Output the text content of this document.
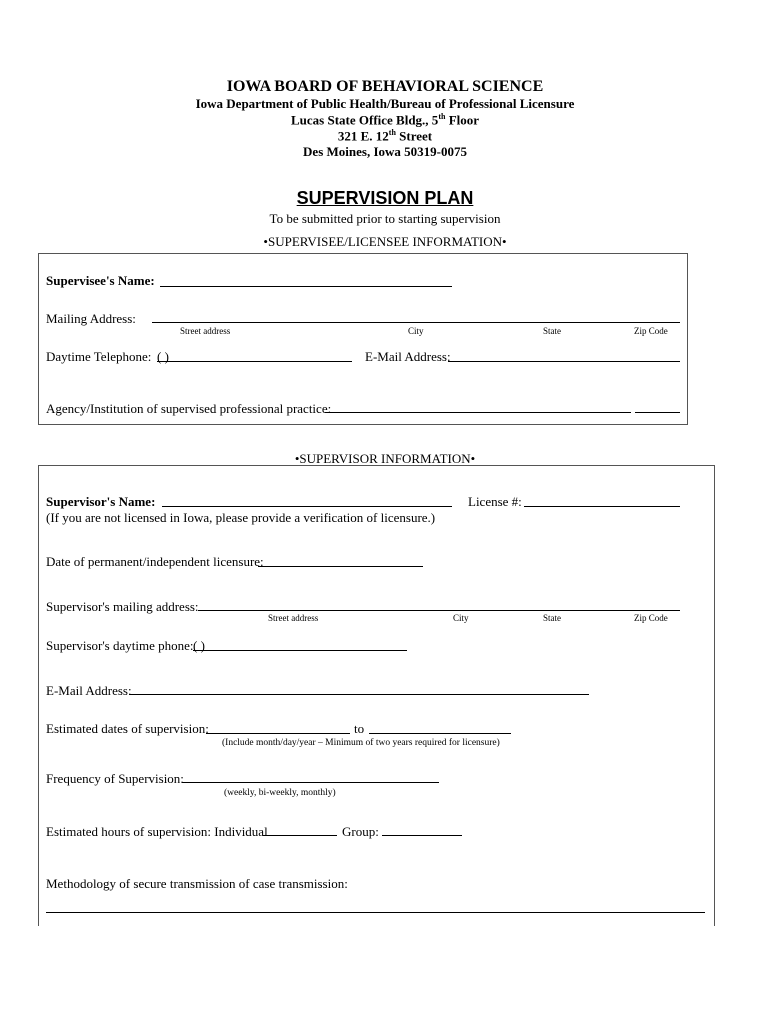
IOWA BOARD OF BEHAVIORAL SCIENCE
Iowa Department of Public Health/Bureau of Professional Licensure
Lucas State Office Bldg., 5th Floor
321 E. 12th Street
Des Moines, Iowa 50319-0075
SUPERVISION PLAN
To be submitted prior to starting supervision
•SUPERVISEE/LICENSEE INFORMATION•
Supervisee's Name:
Mailing Address:
Street address	City	State	Zip Code
Daytime Telephone: ( )	E-Mail Address:
Agency/Institution of supervised professional practice:
•SUPERVISOR INFORMATION•
Supervisor's Name:	License #:
(If you are not licensed in Iowa, please provide a verification of licensure.)
Date of permanent/independent licensure:
Supervisor's mailing address:
Street address	City	State	Zip Code
Supervisor's daytime phone: ( )
E-Mail Address:
Estimated dates of supervision:	to
(Include month/day/year – Minimum of two years required for licensure)
Frequency of Supervision:
(weekly, bi-weekly, monthly)
Estimated hours of supervision: Individual	Group:
Methodology of secure transmission of case transmission:
